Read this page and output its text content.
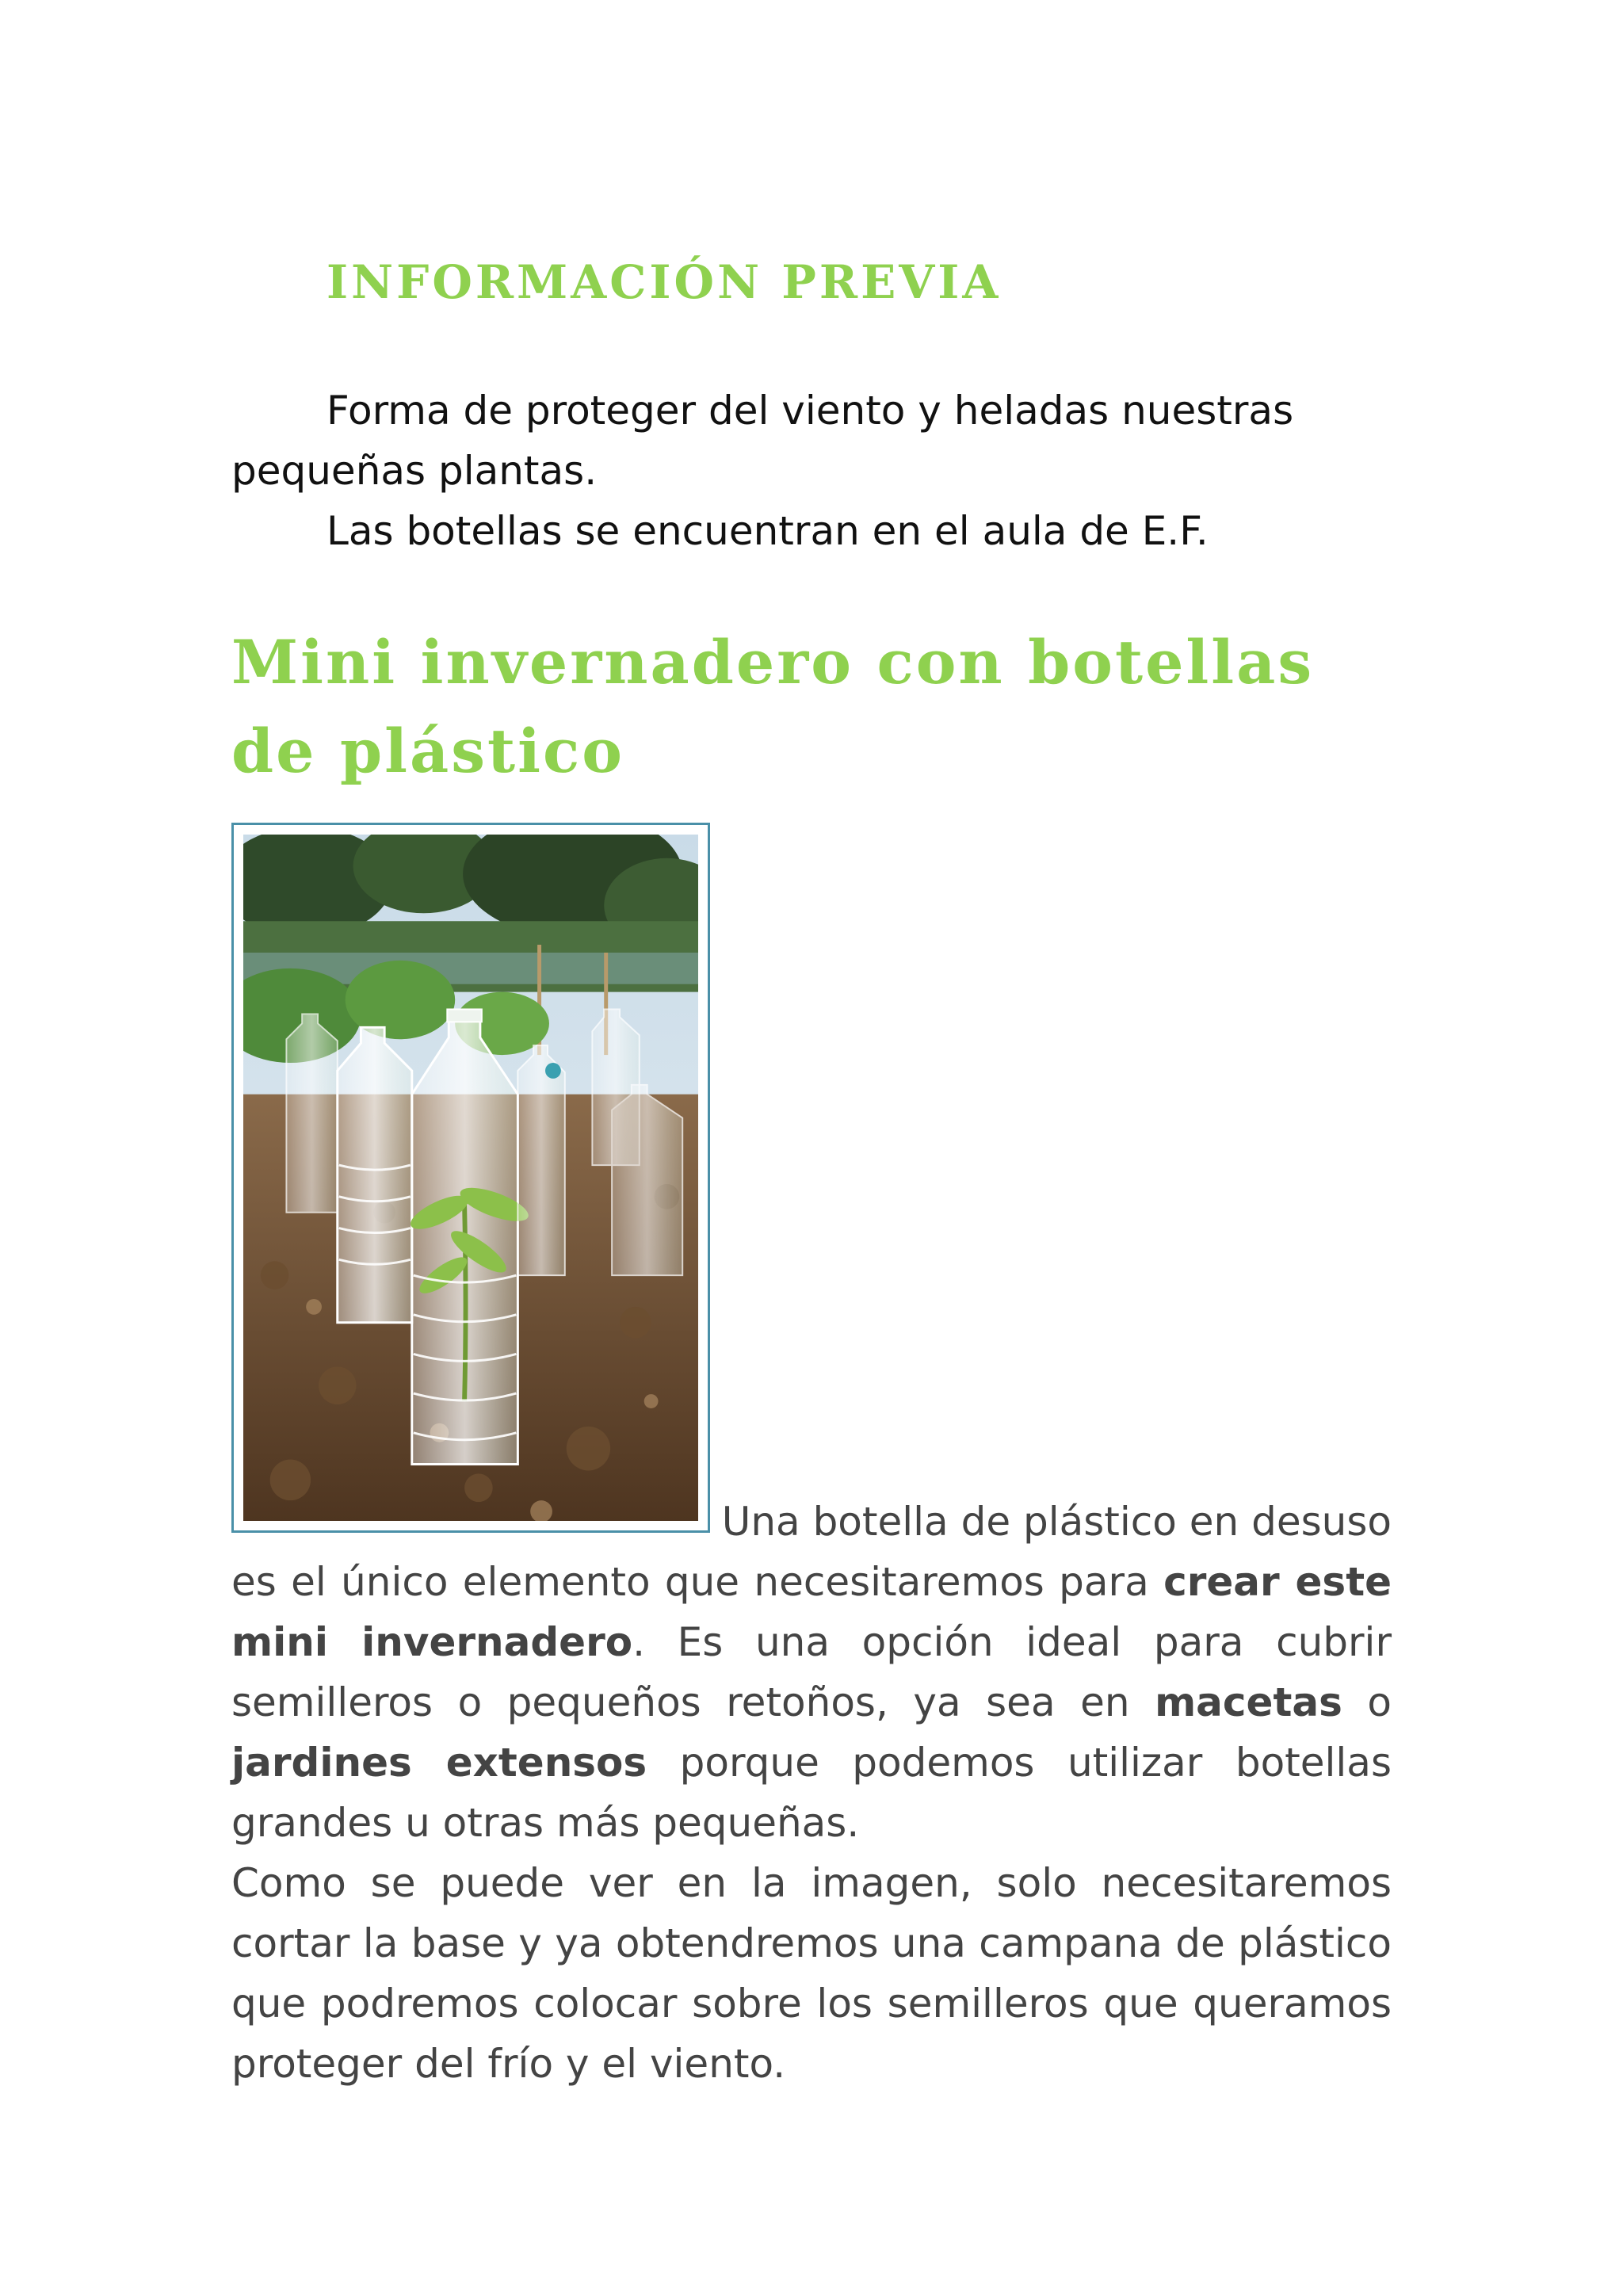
INFORMACIÓN PREVIA

Forma de proteger del viento y heladas nuestras pequeñas plantas.

Las botellas se encuentran en el aula de E.F.

Mini invernadero con botellas de plástico

Una botella de plástico en desuso

es el único elemento que necesitaremos para crear este mini invernadero. Es una opción ideal para cubrir semilleros o pequeños retoños, ya sea en macetas o jardines extensos porque podemos utilizar botellas grandes u otras más pequeñas.

Como se puede ver en la imagen, solo necesitaremos cortar la base y ya obtendremos una campana de plástico que podremos colocar sobre los semilleros que queramos proteger del frío y el viento.
